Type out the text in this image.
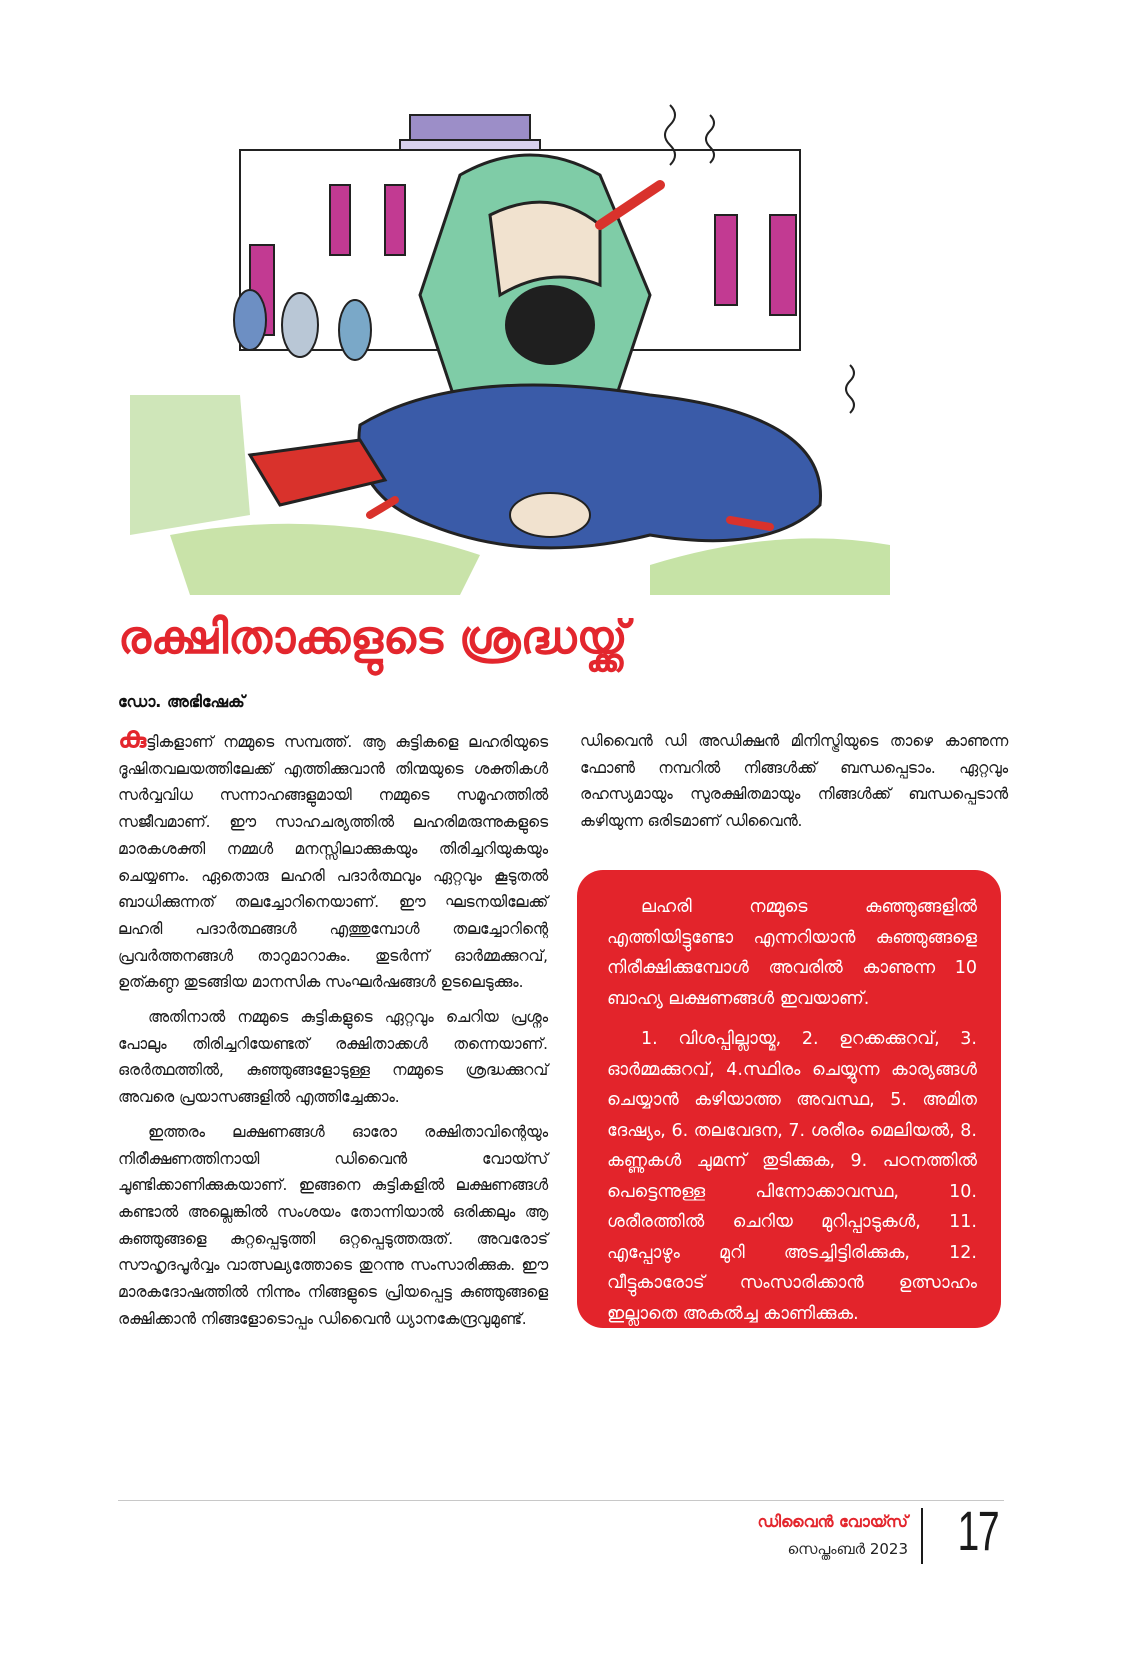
രക്ഷിതാക്കളുടെ ശ്രദ്ധയ്ക്ക്
ഡോ. അഭിഷേക്

കുട്ടികളാണ് നമ്മുടെ സമ്പത്ത്. ആ കുട്ടികളെ ലഹരിയുടെ ദൂഷിതവലയത്തിലേക്ക് എത്തിക്കുവാൻ തിന്മയുടെ ശക്തികൾ സർവ്വവിധ സന്നാഹങ്ങളുമായി നമ്മുടെ സമൂഹത്തിൽ സജീവമാണ്. ഈ സാഹചര്യത്തിൽ ലഹരിമരുന്നുകളുടെ മാരകശക്തി നമ്മൾ മനസ്സിലാക്കുകയും തിരിച്ചറിയുകയും ചെയ്യണം. ഏതൊരു ലഹരി പദാർത്ഥവും ഏറ്റവും കൂടുതൽ ബാധിക്കുന്നത് തലച്ചോറിനെയാണ്. ഈ ഘടനയിലേക്ക് ലഹരി പദാർത്ഥങ്ങൾ എത്തുമ്പോൾ തലച്ചോറിന്റെ പ്രവർത്തനങ്ങൾ താറുമാറാകും. തുടർന്ന് ഓർമ്മക്കുറവ്, ഉത്കണ്ഠ തുടങ്ങിയ മാനസിക സംഘർഷങ്ങൾ ഉടലെടുക്കും.

അതിനാൽ നമ്മുടെ കുട്ടികളുടെ ഏറ്റവും ചെറിയ പ്രശ്നം പോലും തിരിച്ചറിയേണ്ടത് രക്ഷിതാക്കൾ തന്നെയാണ്. ഒരർത്ഥത്തിൽ, കുഞ്ഞുങ്ങളോടുള്ള നമ്മുടെ ശ്രദ്ധക്കുറവ് അവരെ പ്രയാസങ്ങളിൽ എത്തിച്ചേക്കാം.

ഇത്തരം ലക്ഷണങ്ങൾ ഓരോ രക്ഷിതാവിന്റെയും നിരീക്ഷണത്തിനായി ഡിവൈൻ വോയ്സ് ചൂണ്ടിക്കാണിക്കുകയാണ്. ഇങ്ങനെ കുട്ടികളിൽ ലക്ഷണങ്ങൾ കണ്ടാൽ അല്ലെങ്കിൽ സംശയം തോന്നിയാൽ ഒരിക്കലും ആ കുഞ്ഞുങ്ങളെ കുറ്റപ്പെടുത്തി ഒറ്റപ്പെടുത്തരുത്. അവരോട് സൗഹൃദപൂർവ്വം വാത്സല്യത്തോടെ തുറന്നു സംസാരിക്കുക. ഈ മാരകദോഷത്തിൽ നിന്നും നിങ്ങളുടെ പ്രിയപ്പെട്ട കുഞ്ഞുങ്ങളെ രക്ഷിക്കാൻ നിങ്ങളോടൊപ്പം ഡിവൈൻ ധ്യാനകേന്ദ്രവുമുണ്ട്.

ഡിവൈൻ ഡി അഡിക്ഷൻ മിനിസ്ട്രിയുടെ താഴെ കാണുന്ന ഫോൺ നമ്പറിൽ നിങ്ങൾക്ക് ബന്ധപ്പെടാം. ഏറ്റവും രഹസ്യമായും സുരക്ഷിതമായും നിങ്ങൾക്ക് ബന്ധപ്പെടാൻ കഴിയുന്ന ഒരിടമാണ് ഡിവൈൻ.

ലഹരി നമ്മുടെ കുഞ്ഞുങ്ങളിൽ എത്തിയിട്ടുണ്ടോ എന്നറിയാൻ കുഞ്ഞുങ്ങളെ നിരീക്ഷിക്കുമ്പോൾ അവരിൽ കാണുന്ന 10 ബാഹ്യ ലക്ഷണങ്ങൾ ഇവയാണ്.

1. വിശപ്പില്ലായ്മ, 2. ഉറക്കക്കുറവ്, 3. ഓർമ്മക്കുറവ്, 4.സ്ഥിരം ചെയ്യുന്ന കാര്യങ്ങൾ ചെയ്യാൻ കഴിയാത്ത അവസ്ഥ, 5. അമിത ദേഷ്യം, 6. തലവേദന, 7. ശരീരം മെലിയൽ, 8. കണ്ണുകൾ ചുമന്ന് തുടിക്കുക, 9. പഠനത്തിൽ പെട്ടെന്നുള്ള പിന്നോക്കാവസ്ഥ, 10. ശരീരത്തിൽ ചെറിയ മുറിപ്പാടുകൾ, 11. എപ്പോഴും മുറി അടച്ചിട്ടിരിക്കുക, 12. വീട്ടുകാരോട് സംസാരിക്കാൻ ഉത്സാഹം ഇല്ലാതെ അകൽച്ച കാണിക്കുക.

ഡിവൈൻ വോയ്സ്
സെപ്തംബർ 2023 17
